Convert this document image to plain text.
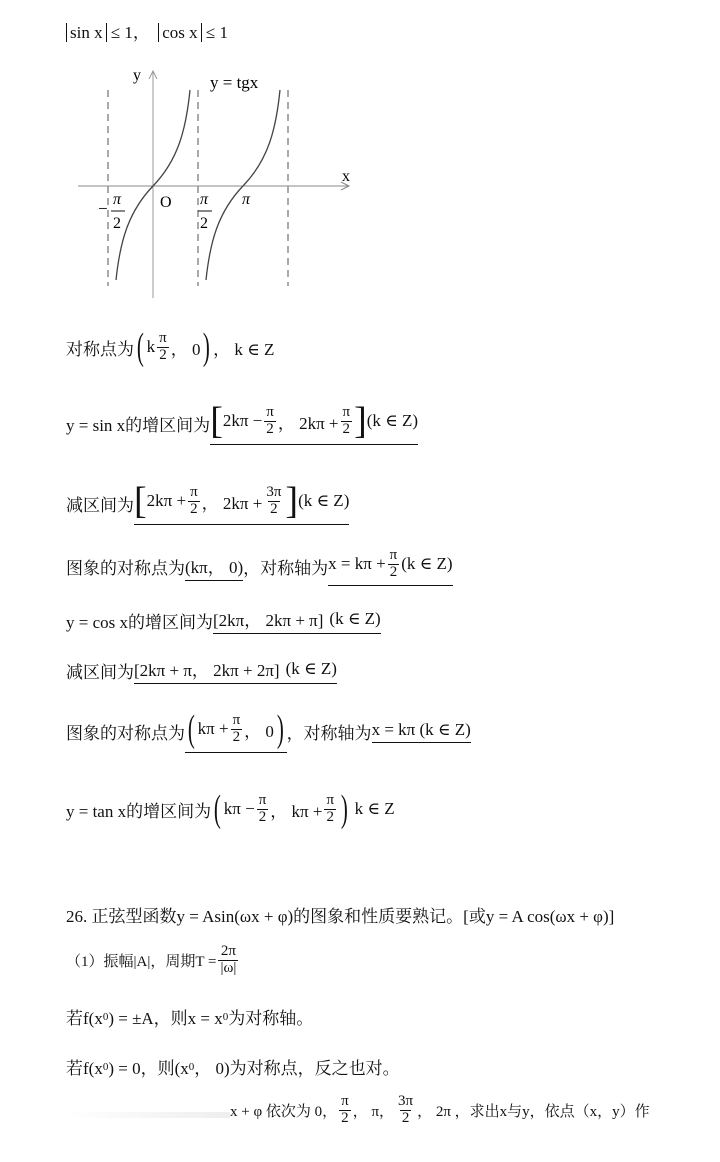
sin x ≤ 1， cos x ≤ 1
y
x
y = tgx
O
− π
2
π
2
π
对称点为 ( k $\frac{\pi}{2}$ ， 0 ) ， k ∈ Z
y = sin x的增区间为 [ $2k\pi - \frac{\pi}{2}$ ， $2k\pi + \frac{\pi}{2}$ ] (k ∈ Z)
减区间为 [ $2k\pi + \frac{\pi}{2}$ ， $2k\pi + \frac{3\pi}{2}$ ] (k ∈ Z)
图象的对称点为 (kπ， 0) ，对称轴为 $x = k\pi + \frac{\pi}{2} (k$ ∈ Z)
y = cos x的增区间为 [2kπ， 2kπ + π] (k ∈ Z)
减区间为 [2kπ + π， 2kπ + 2π] (k ∈ Z)
图象的对称点为 ( $k\pi + \frac{\pi}{2}$ ， 0 ) ，对称轴为 x = kπ (k ∈ Z)
y = tan x的增区间为 ( $k\pi - \frac{\pi}{2}$ ， $k\pi + \frac{\pi}{2}$ ) k ∈ Z
26. 正弦型函数y = Asin(ωx + φ)的图象和性质要熟记。[或y = A cos(ωx + φ)]
（1）振幅|A|，周期$T = \frac{2\pi}{|\omega|}$
若f(x 0 ) = ±A，则x = x 0 为对称轴。
若f(x 0 ) = 0，则(x 0 ， 0)为对称点，反之也对。
x + φ 依次为 0， $\frac{\pi}{2}$ ， π， $\frac{3\pi}{2}$ ， 2π ，求出x与y，依点（x，y）作
